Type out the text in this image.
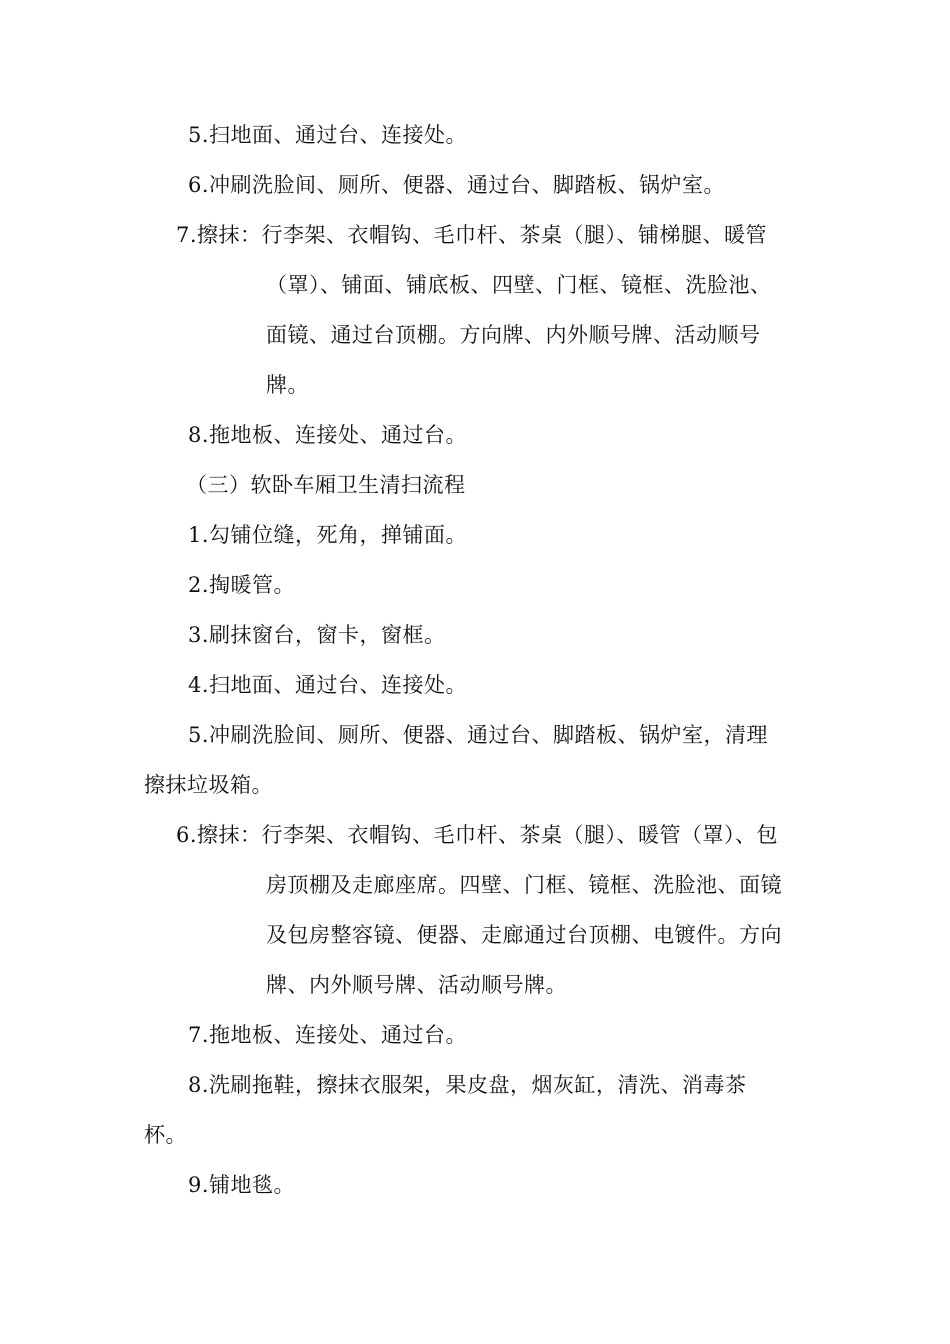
5.扫地面、通过台、连接处。
6.冲刷洗脸间、厕所、便器、通过台、脚踏板、锅炉室。
7.擦抹：行李架、衣帽钩、毛巾杆、茶桌（腿）、铺梯腿、暖管
（罩）、铺面、铺底板、四壁、门框、镜框、洗脸池、
面镜、通过台顶棚。方向牌、内外顺号牌、活动顺号
牌。
8.拖地板、连接处、通过台。
（三）软卧车厢卫生清扫流程
1.勾铺位缝，死角，掸铺面。
2.掏暖管。
3.刷抹窗台，窗卡，窗框。
4.扫地面、通过台、连接处。
5.冲刷洗脸间、厕所、便器、通过台、脚踏板、锅炉室，清理
擦抹垃圾箱。
6.擦抹：行李架、衣帽钩、毛巾杆、茶桌（腿）、暖管（罩）、包
房顶棚及走廊座席。四壁、门框、镜框、洗脸池、面镜
及包房整容镜、便器、走廊通过台顶棚、电镀件。方向
牌、内外顺号牌、活动顺号牌。
7.拖地板、连接处、通过台。
8.洗刷拖鞋，擦抹衣服架，果皮盘，烟灰缸，清洗、消毒茶
杯。
9.铺地毯。
